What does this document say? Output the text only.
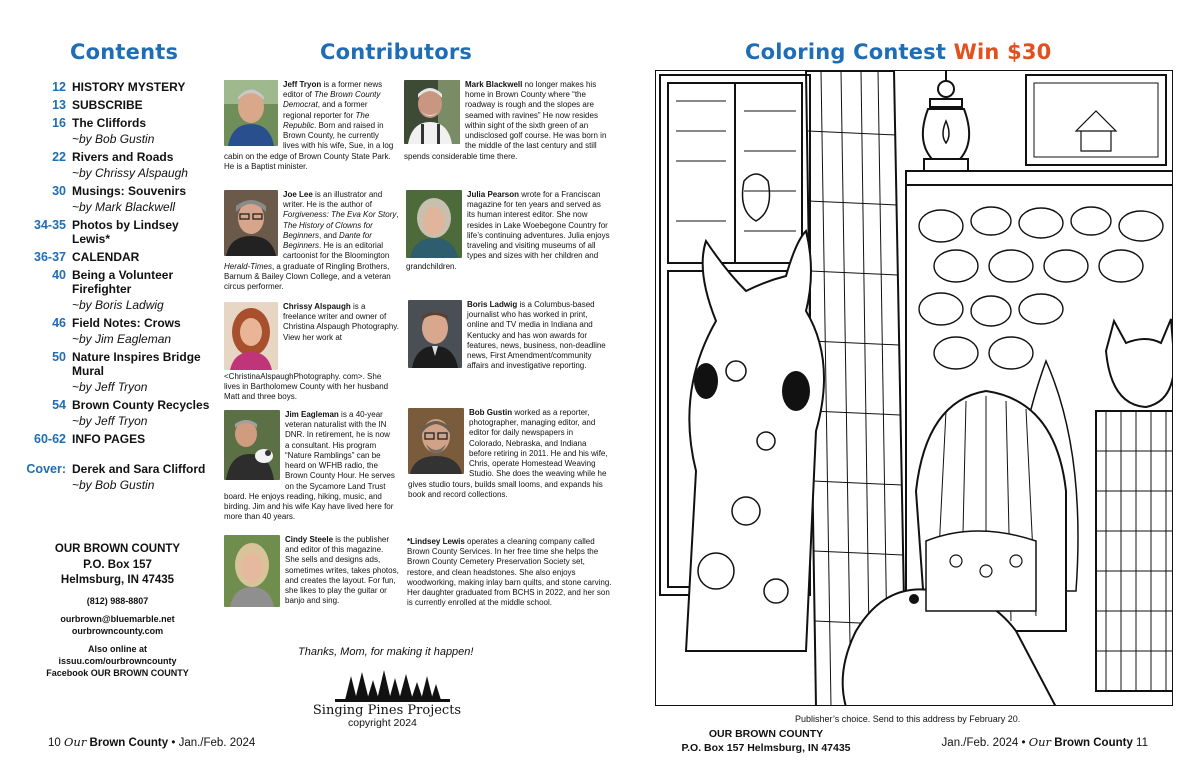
Contents	Contributors
12 HISTORY MYSTERY
13 SUBSCRIBE
16 The Cliffords
~by Bob Gustin
22 Rivers and Roads
~by Chrissy Alspaugh
30 Musings: Souvenirs
~by Mark Blackwell
34-35 Photos by Lindsey Lewis*
36-37 CALENDAR
40 Being a Volunteer Firefighter
~by Boris Ladwig
46 Field Notes: Crows
~by Jim Eagleman
50 Nature Inspires Bridge Mural
~by Jeff Tryon
54 Brown County Recycles
~by Jeff Tryon
60-62 INFO PAGES
Cover: Derek and Sara Clifford
~by Bob Gustin
OUR BROWN COUNTY
P.O. Box 157
Helmsburg, IN 47435
(812) 988-8807
ourbrown@bluemarble.net
ourbrowncounty.com
Also online at
issuu.com/ourbrowncounty
Facebook OUR BROWN COUNTY
Jeff Tryon is a former news editor of The Brown County Democrat, and a former regional reporter for The Republic. Born and raised in Brown County, he currently lives with his wife, Sue, in a log cabin on the edge of Brown County State Park. He is a Baptist minister.
Mark Blackwell no longer makes his home in Brown County where “the roadway is rough and the slopes are seamed with ravines” He now resides within sight of the sixth green of an undisclosed golf course. He was born in the middle of the last century and still spends considerable time there.
Joe Lee is an illustrator and writer. He is the author of Forgiveness: The Eva Kor Story, The History of Clowns for Beginners, and Dante for Beginners. He is an editorial cartoonist for the Bloomington Herald-Times, a graduate of Ringling Brothers, Barnum & Bailey Clown College, and a veteran circus performer.
Julia Pearson wrote for a Franciscan magazine for ten years and served as its human interest editor. She now resides in Lake Woebegone Country for life’s continuing adventures. Julia enjoys traveling and visiting museums of all types and sizes with her children and grandchildren.
Chrissy Alspaugh is a freelance writer and owner of Christina Alspaugh Photography. View her work at <ChristinaAlspaughPhotography. com>. She lives in Bartholomew County with her husband Matt and three boys.
Boris Ladwig is a Columbus-based journalist who has worked in print, online and TV media in Indiana and Kentucky and has won awards for features, news, business, non-deadline news, First Amendment/community affairs and investigative reporting.
Jim Eagleman is a 40-year veteran naturalist with the IN DNR. In retirement, he is now a consultant. His program “Nature Ramblings” can be heard on WFHB radio, the Brown County Hour. He serves on the Sycamore Land Trust board. He enjoys reading, hiking, music, and birding. Jim and his wife Kay have lived here for more than 40 years.
Bob Gustin worked as a reporter, photographer, managing editor, and editor for daily newspapers in Colorado, Nebraska, and Indiana before retiring in 2011. He and his wife, Chris, operate Homestead Weaving Studio. She does the weaving while he gives studio tours, builds small looms, and expands his book and record collections.
Cindy Steele is the publisher and editor of this magazine. She sells and designs ads, sometimes writes, takes photos, and creates the layout. For fun, she likes to play the guitar or banjo and sing.
*Lindsey Lewis operates a cleaning company called Brown County Services. In her free time she helps the Brown County Cemetery Preservation Society set, restore, and clean headstones. She also enjoys woodworking, making inlay barn quilts, and stone carving. Her daughter graduated from BCHS in 2022, and her son is currently enrolled at the middle school.
Thanks, Mom, for making it happen!
Singing Pines Projects
copyright 2024
10 Our Brown County • Jan./Feb. 2024
Coloring Contest Win $30
Publisher’s choice. Send to this address by February 20.
OUR BROWN COUNTY
P.O. Box 157 Helmsburg, IN 47435	Jan./Feb. 2024 • Our Brown County 11
